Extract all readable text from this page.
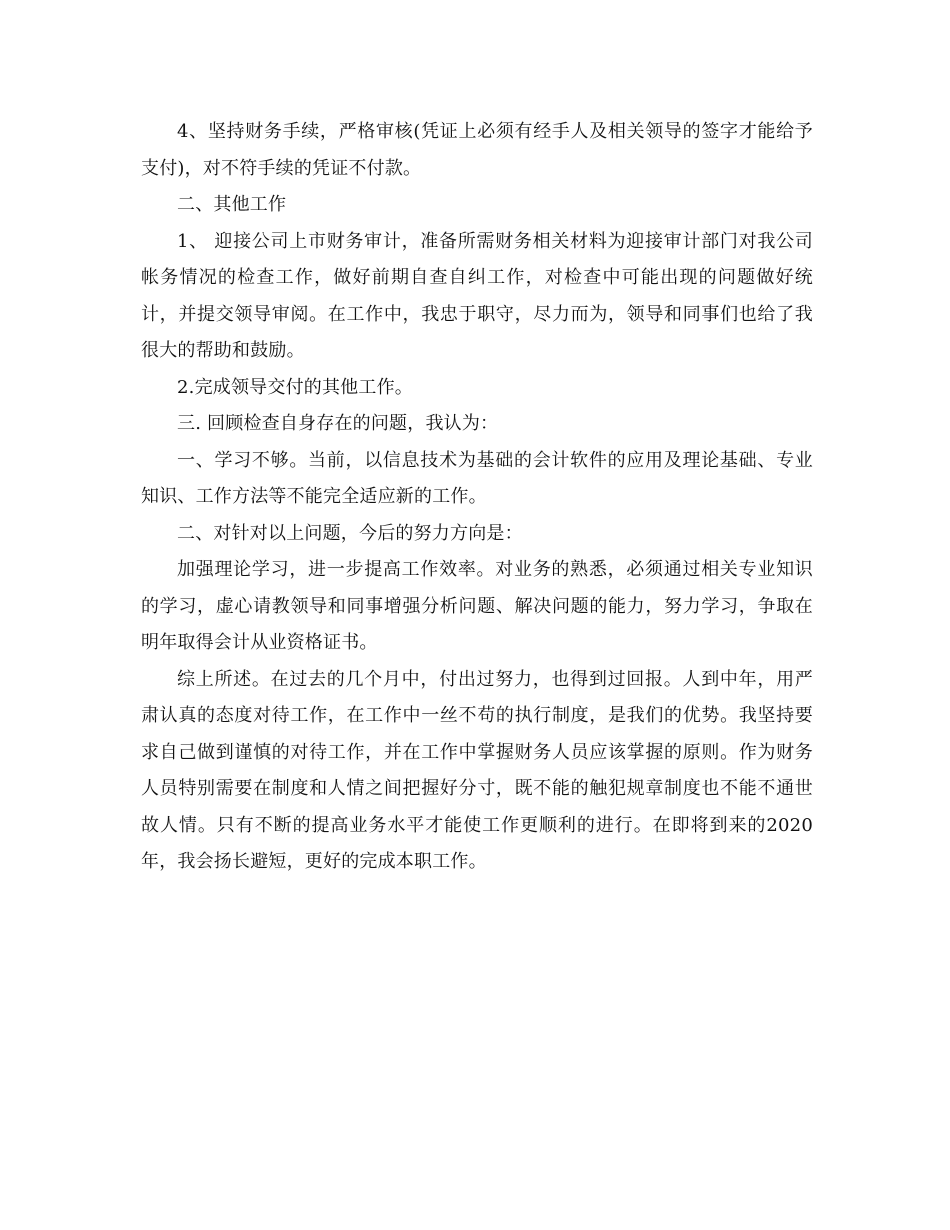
4、坚持财务手续，严格审核(凭证上必须有经手人及相关领导的签字才能给予支付)，对不符手续的凭证不付款。

二、其他工作

1、 迎接公司上市财务审计，准备所需财务相关材料为迎接审计部门对我公司帐务情况的检查工作，做好前期自查自纠工作，对检查中可能出现的问题做好统计，并提交领导审阅。在工作中，我忠于职守，尽力而为，领导和同事们也给了我很大的帮助和鼓励。

2.完成领导交付的其他工作。

三. 回顾检查自身存在的问题，我认为：

一、学习不够。当前，以信息技术为基础的会计软件的应用及理论基础、专业知识、工作方法等不能完全适应新的工作。

二、对针对以上问题，今后的努力方向是：

加强理论学习，进一步提高工作效率。对业务的熟悉，必须通过相关专业知识的学习，虚心请教领导和同事增强分析问题、解决问题的能力，努力学习，争取在明年取得会计从业资格证书。

综上所述。在过去的几个月中，付出过努力，也得到过回报。人到中年，用严肃认真的态度对待工作，在工作中一丝不苟的执行制度，是我们的优势。我坚持要求自己做到谨慎的对待工作，并在工作中掌握财务人员应该掌握的原则。作为财务人员特别需要在制度和人情之间把握好分寸，既不能的触犯规章制度也不能不通世故人情。只有不断的提高业务水平才能使工作更顺利的进行。在即将到来的2020年，我会扬长避短，更好的完成本职工作。
